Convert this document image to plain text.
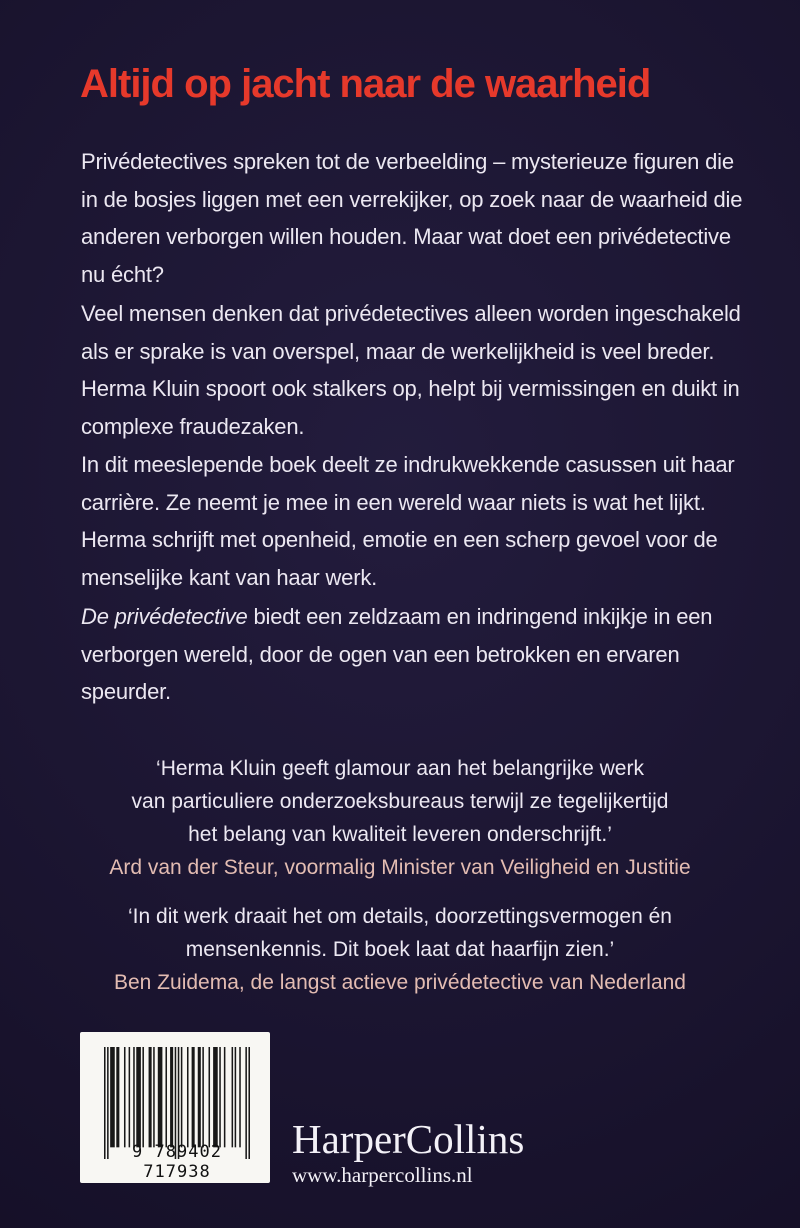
Altijd op jacht naar de waarheid
Privédetectives spreken tot de verbeelding – mysterieuze figuren die
in de bosjes liggen met een verrekijker, op zoek naar de waarheid die
anderen verborgen willen houden. Maar wat doet een privédetective
nu écht?
Veel mensen denken dat privédetectives alleen worden ingeschakeld
als er sprake is van overspel, maar de werkelijkheid is veel breder.
Herma Kluin spoort ook stalkers op, helpt bij vermissingen en duikt in
complexe fraudezaken.
In dit meeslepende boek deelt ze indrukwekkende casussen uit haar
carrière. Ze neemt je mee in een wereld waar niets is wat het lijkt.
Herma schrijft met openheid, emotie en een scherp gevoel voor de
menselijke kant van haar werk.
De privédetective biedt een zeldzaam en indringend inkijkje in een
verborgen wereld, door de ogen van een betrokken en ervaren
speurder.
‘Herma Kluin geeft glamour aan het belangrijke werk
van particuliere onderzoeksbureaus terwijl ze tegelijkertijd
het belang van kwaliteit leveren onderschrijft.’
Ard van der Steur, voormalig Minister van Veiligheid en Justitie
‘In dit werk draait het om details, doorzettingsvermogen én
mensenkennis. Dit boek laat dat haarfijn zien.’
Ben Zuidema, de langst actieve privédetective van Nederland
9 789402 717938
HarperCollins
www.harpercollins.nl
